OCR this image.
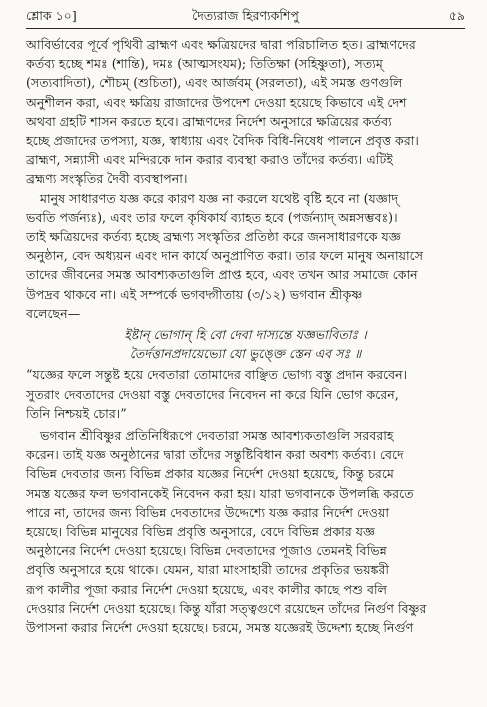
শ্লোক ১০]	দৈত্যরাজ হিরণ্যকশিপু	৫৯
আবির্ভাবের পূর্বে পৃথিবী ব্রাহ্মণ এবং ক্ষত্রিয়দের দ্বারা পরিচালিত হত। ব্রাহ্মণদের
কর্তব্য হচ্ছে শমঃ (শান্তি), দমঃ (আত্মসংযম); তিতিক্ষা (সহিষ্ণুতা), সত্যম্
(সত্যবাদিতা), শৌচম্ (শুচিতা), এবং আর্জবম্ (সরলতা), এই সমস্ত গুণগুলি
অনুশীলন করা, এবং ক্ষত্রিয় রাজাদের উপদেশ দেওয়া হয়েছে কিভাবে এই দেশ
অথবা গ্রহটি শাসন করতে হবে। ব্রাহ্মণদের নির্দেশ অনুসারে ক্ষত্রিয়ের কর্তব্য
হচ্ছে প্রজাদের তপস্যা, যজ্ঞ, স্বাধ্যায় এবং বৈদিক বিধি-নিষেধ পালনে প্রবৃত্ত করা।
ব্রাহ্মণ, সন্ন্যাসী এবং মন্দিরকে দান করার ব্যবস্থা করাও তাঁদের কর্তব্য। এটিই
ব্রহ্মণ্য সংস্কৃতির দৈবী ব্যবস্থাপনা।
মানুষ সাধারণত যজ্ঞ করে কারণ যজ্ঞ না করলে যথেষ্ট বৃষ্টি হবে না (যজ্ঞাদ্
ভবতি পর্জন্যঃ), এবং তার ফলে কৃষিকার্য ব্যাহত হবে (পর্জন্যাদ্ অন্নসম্ভবঃ)।
তাই ক্ষত্রিয়দের কর্তব্য হচ্ছে ব্রহ্মণ্য সংস্কৃতির প্রতিষ্ঠা করে জনসাধারণকে যজ্ঞ
অনুষ্ঠান, বেদ অধ্যয়ন এবং দান কার্যে অনুপ্রাণিত করা। তার ফলে মানুষ অনায়াসে
তাদের জীবনের সমস্ত আবশ্যকতাগুলি প্রাপ্ত হবে, এবং তখন আর সমাজে কোন
উপদ্রব থাকবে না। এই সম্পর্কে ভগবদ্গীতায় (৩/১২) ভগবান শ্রীকৃষ্ণ
বলেছেন—
ইষ্টান্ ভোগান্ হি বো দেবা দাস্যন্তে যজ্ঞভাবিতাঃ ।
তৈর্দত্তানপ্রদায়েভ্যো যো ভুঙ্ক্তে স্তেন এব সঃ ॥
“যজ্ঞের ফলে সন্তুষ্ট হয়ে দেবতারা তোমাদের বাঞ্ছিত ভোগ্য বস্তু প্রদান করবেন।
সুতরাং দেবতাদের দেওয়া বস্তু দেবতাদের নিবেদন না করে যিনি ভোগ করেন,
তিনি নিশ্চয়ই চোর।”
ভগবান শ্রীবিষ্ণুর প্রতিনিধিরূপে দেবতারা সমস্ত আবশ্যকতাগুলি সরবরাহ
করেন। তাই যজ্ঞ অনুষ্ঠানের দ্বারা তাঁদের সন্তুষ্টিবিধান করা অবশ্য কর্তব্য। বেদে
বিভিন্ন দেবতার জন্য বিভিন্ন প্রকার যজ্ঞের নির্দেশ দেওয়া হয়েছে, কিন্তু চরমে
সমস্ত যজ্ঞের ফল ভগবানকেই নিবেদন করা হয়। যারা ভগবানকে উপলব্ধি করতে
পারে না, তাদের জন্য বিভিন্ন দেবতাদের উদ্দেশ্যে যজ্ঞ করার নির্দেশ দেওয়া
হয়েছে। বিভিন্ন মানুষের বিভিন্ন প্রবৃত্তি অনুসারে, বেদে বিভিন্ন প্রকার যজ্ঞ
অনুষ্ঠানের নির্দেশ দেওয়া হয়েছে। বিভিন্ন দেবতাদের পূজাও তেমনই বিভিন্ন
প্রবৃত্তি অনুসারে হয়ে থাকে। যেমন, যারা মাংসাহারী তাদের প্রকৃতির ভয়ঙ্করী
রূপ কালীর পূজা করার নির্দেশ দেওয়া হয়েছে, এবং কালীর কাছে পশু বলি
দেওয়ার নির্দেশ দেওয়া হয়েছে। কিন্তু যাঁরা সত্ত্বগুণে রয়েছেন তাঁদের নির্গুণ বিষ্ণুর
উপাসনা করার নির্দেশ দেওয়া হয়েছে। চরমে, সমস্ত যজ্ঞেরই উদ্দেশ্য হচ্ছে নির্গুণ
